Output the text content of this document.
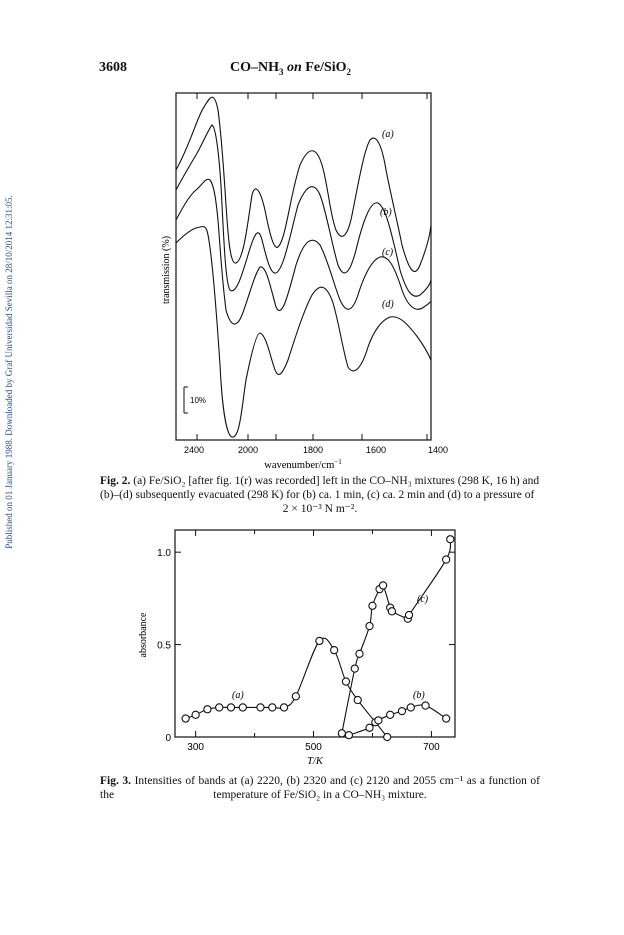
Published on 01 January 1988. Downloaded by Graf Universidad Sevilla on 28/10/2014 12:31:05.
3608	$CO-NH_3$ on Fe/SiO$_2$
(a)
(b)
(c)
(d)
transmission (%)
10%
2400	2000	1800	1600	1400
wavenumber/$cm^{-1}$
Fig. 2. (a) Fe/SiO₂ [after fig. 1(r) was recorded] left in the CO–NH₃ mixtures (298 K, 16 h) and
(b)–(d) subsequently evacuated (298 K) for (b) ca. 1 min, (c) ca. 2 min and (d) to a pressure of
2 × 10⁻³ N m⁻².
300	500	700
0
0.5
1.0
absorbance
T/K
(a)	(b)
(c)
Fig. 3. Intensities of bands at (a) 2220, (b) 2320 and (c) 2120 and 2055 cm⁻¹ as a function of the	temperature of Fe/SiO₂ in a CO–NH₃ mixture.
